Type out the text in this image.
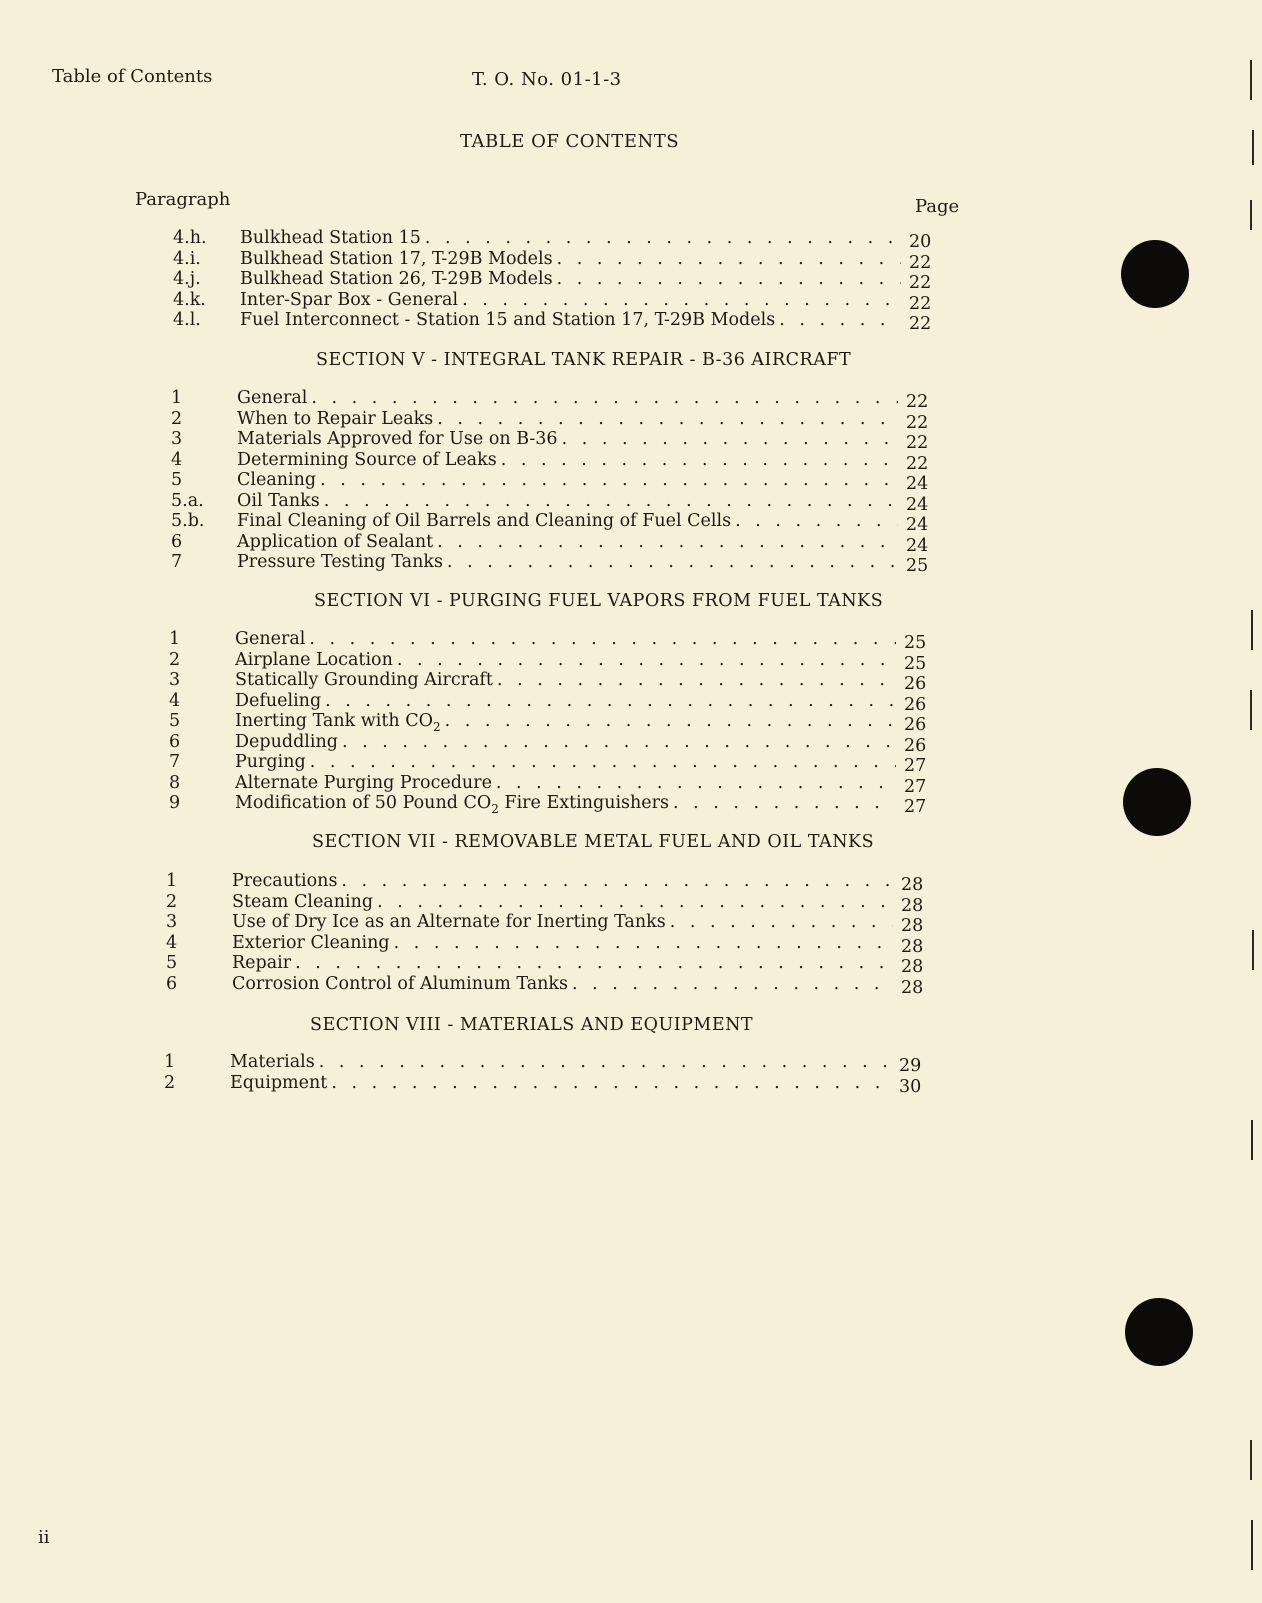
Table of Contents	T. O. No. 01-1-3
TABLE OF CONTENTS
Paragraph	Page
4.h. Bulkhead Station 15 . . .	20
4.i. Bulkhead Station 17, T-29B Models . . .	22
4.j. Bulkhead Station 26, T-29B Models . . .	22
4.k. Inter-Spar Box - General . . .	22
4.l. Fuel Interconnect - Station 15 and Station 17, T-29B Models . . .	22
SECTION V - INTEGRAL TANK REPAIR - B-36 AIRCRAFT
1	General . . .	22
2	When to Repair Leaks . . .	22
3	Materials Approved for Use on B-36 . . .	22
4	Determining Source of Leaks . . .	22
5	Cleaning . . .	24
5.a. Oil Tanks . . .	24
5.b. Final Cleaning of Oil Barrels and Cleaning of Fuel Cells . . .	24
6	Application of Sealant . . .	24
7	Pressure Testing Tanks . . .	25
SECTION VI - PURGING FUEL VAPORS FROM FUEL TANKS
1	General . . .	25
2	Airplane Location . . .	25
3	Statically Grounding Aircraft . . .	26
4	Defueling . . .	26
5	Inerting Tank with $CO_2$ . . .	26
6	Depuddling . . .	26
7	Purging . . .	27
8	Alternate Purging Procedure . . .	27
9	Modification of 50 Pound $CO_2$ Fire Extinguishers . . .	27
SECTION VII - REMOVABLE METAL FUEL AND OIL TANKS
1	Precautions . . .	28
2	Steam Cleaning . . .	28
3	Use of Dry Ice as an Alternate for Inerting Tanks . . .	28
4	Exterior Cleaning . . .	28
5	Repair . . .	28
6	Corrosion Control of Aluminum Tanks . . .	28
SECTION VIII - MATERIALS AND EQUIPMENT
1	Materials . . .	29
2	Equipment . . .	30
ii
